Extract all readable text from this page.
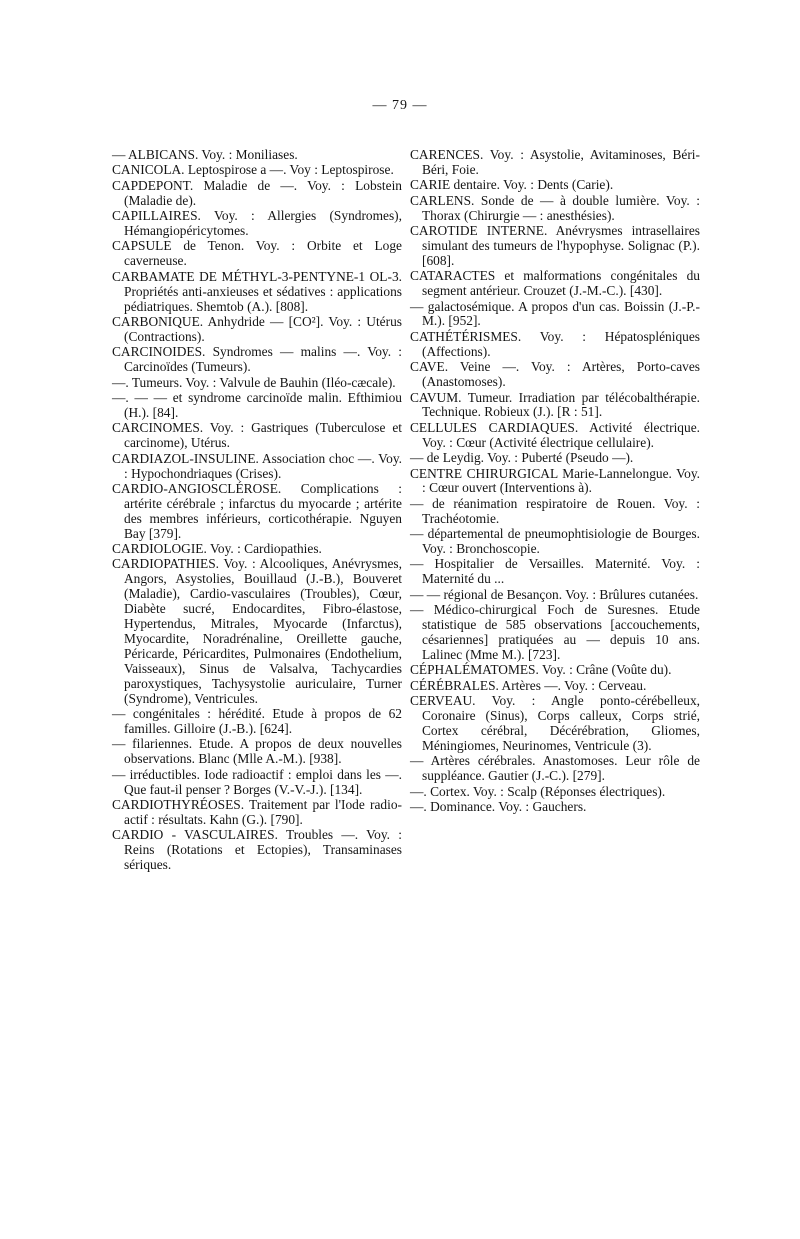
— 79 —

— ALBICANS. Voy. : Moniliases.

CANICOLA. Leptospirose a —. Voy : Leptospirose.

CAPDEPONT. Maladie de —. Voy. : Lobstein (Maladie de).

CAPILLAIRES. Voy. : Allergies (Syndromes), Hémangiopéricytomes.

CAPSULE de Tenon. Voy. : Orbite et Loge caverneuse.

CARBAMATE DE MÉTHYL-3-PENTYNE-1 OL-3. Propriétés anti-anxieuses et sédatives : applications pédiatriques. Shemtob (A.). [808].

CARBONIQUE. Anhydride — [CO²]. Voy. : Utérus (Contractions).

CARCINOIDES. Syndromes — malins —. Voy. : Carcinoïdes (Tumeurs).

—. Tumeurs. Voy. : Valvule de Bauhin (Iléo-cæcale).

—. — — et syndrome carcinoïde malin. Efthimiou (H.). [84].

CARCINOMES. Voy. : Gastriques (Tuberculose et carcinome), Utérus.

CARDIAZOL-INSULINE. Association choc —. Voy. : Hypochondriaques (Crises).

CARDIO-ANGIOSCLÉROSE. Complications : artérite cérébrale ; infarctus du myocarde ; artérite des membres inférieurs, corticothérapie. Nguyen Bay [379].

CARDIOLOGIE. Voy. : Cardiopathies.

CARDIOPATHIES. Voy. : Alcooliques, Anévrysmes, Angors, Asystolies, Bouillaud (J.-B.), Bouveret (Maladie), Cardio-vasculaires (Troubles), Cœur, Diabète sucré, Endocardites, Fibro-élastose, Hypertendus, Mitrales, Myocarde (Infarctus), Myocardite, Noradrénaline, Oreillette gauche, Péricarde, Péricardites, Pulmonaires (Endothelium, Vaisseaux), Sinus de Valsalva, Tachycardies paroxystiques, Tachysystolie auriculaire, Turner (Syndrome), Ventricules.

— congénitales : hérédité. Etude à propos de 62 familles. Gilloire (J.-B.). [624].

— filariennes. Etude. A propos de deux nouvelles observations. Blanc (Mlle A.-M.). [938].

— irréductibles. Iode radioactif : emploi dans les —. Que faut-il penser ? Borges (V.-V.-J.). [134].

CARDIOTHYRÉOSES. Traitement par l'Iode radio-actif : résultats. Kahn (G.). [790].

CARDIO - VASCULAIRES. Troubles —. Voy. : Reins (Rotations et Ectopies), Transaminases sériques.

CARENCES. Voy. : Asystolie, Avitaminoses, Béri-Béri, Foie.

CARIE dentaire. Voy. : Dents (Carie).

CARLENS. Sonde de — à double lumière. Voy. : Thorax (Chirurgie — : anesthésies).

CAROTIDE INTERNE. Anévrysmes intrasellaires simulant des tumeurs de l'hypophyse. Solignac (P.). [608].

CATARACTES et malformations congénitales du segment antérieur. Crouzet (J.-M.-C.). [430].

— galactosémique. A propos d'un cas. Boissin (J.-P.-M.). [952].

CATHÉTÉRISMES. Voy. : Hépatospléniques (Affections).

CAVE. Veine —. Voy. : Artères, Porto-caves (Anastomoses).

CAVUM. Tumeur. Irradiation par télécobalthérapie. Technique. Robieux (J.). [R : 51].

CELLULES CARDIAQUES. Activité électrique. Voy. : Cœur (Activité électrique cellulaire).

— de Leydig. Voy. : Puberté (Pseudo —).

CENTRE CHIRURGICAL Marie-Lannelongue. Voy. : Cœur ouvert (Interventions à).

— de réanimation respiratoire de Rouen. Voy. : Trachéotomie.

— départemental de pneumophtisiologie de Bourges. Voy. : Bronchoscopie.

— Hospitalier de Versailles. Maternité. Voy. : Maternité du ...

— — régional de Besançon. Voy. : Brûlures cutanées.

— Médico-chirurgical Foch de Suresnes. Etude statistique de 585 observations [accouchements, césariennes] pratiquées au — depuis 10 ans. Lalinec (Mme M.). [723].

CÉPHALÉMATOMES. Voy. : Crâne (Voûte du).

CÉRÉBRALES. Artères —. Voy. : Cerveau.

CERVEAU. Voy. : Angle ponto-cérébelleux, Coronaire (Sinus), Corps calleux, Corps strié, Cortex cérébral, Décérébration, Gliomes, Méningiomes, Neurinomes, Ventricule (3).

— Artères cérébrales. Anastomoses. Leur rôle de suppléance. Gautier (J.-C.). [279].

—. Cortex. Voy. : Scalp (Réponses électriques).

—. Dominance. Voy. : Gauchers.
